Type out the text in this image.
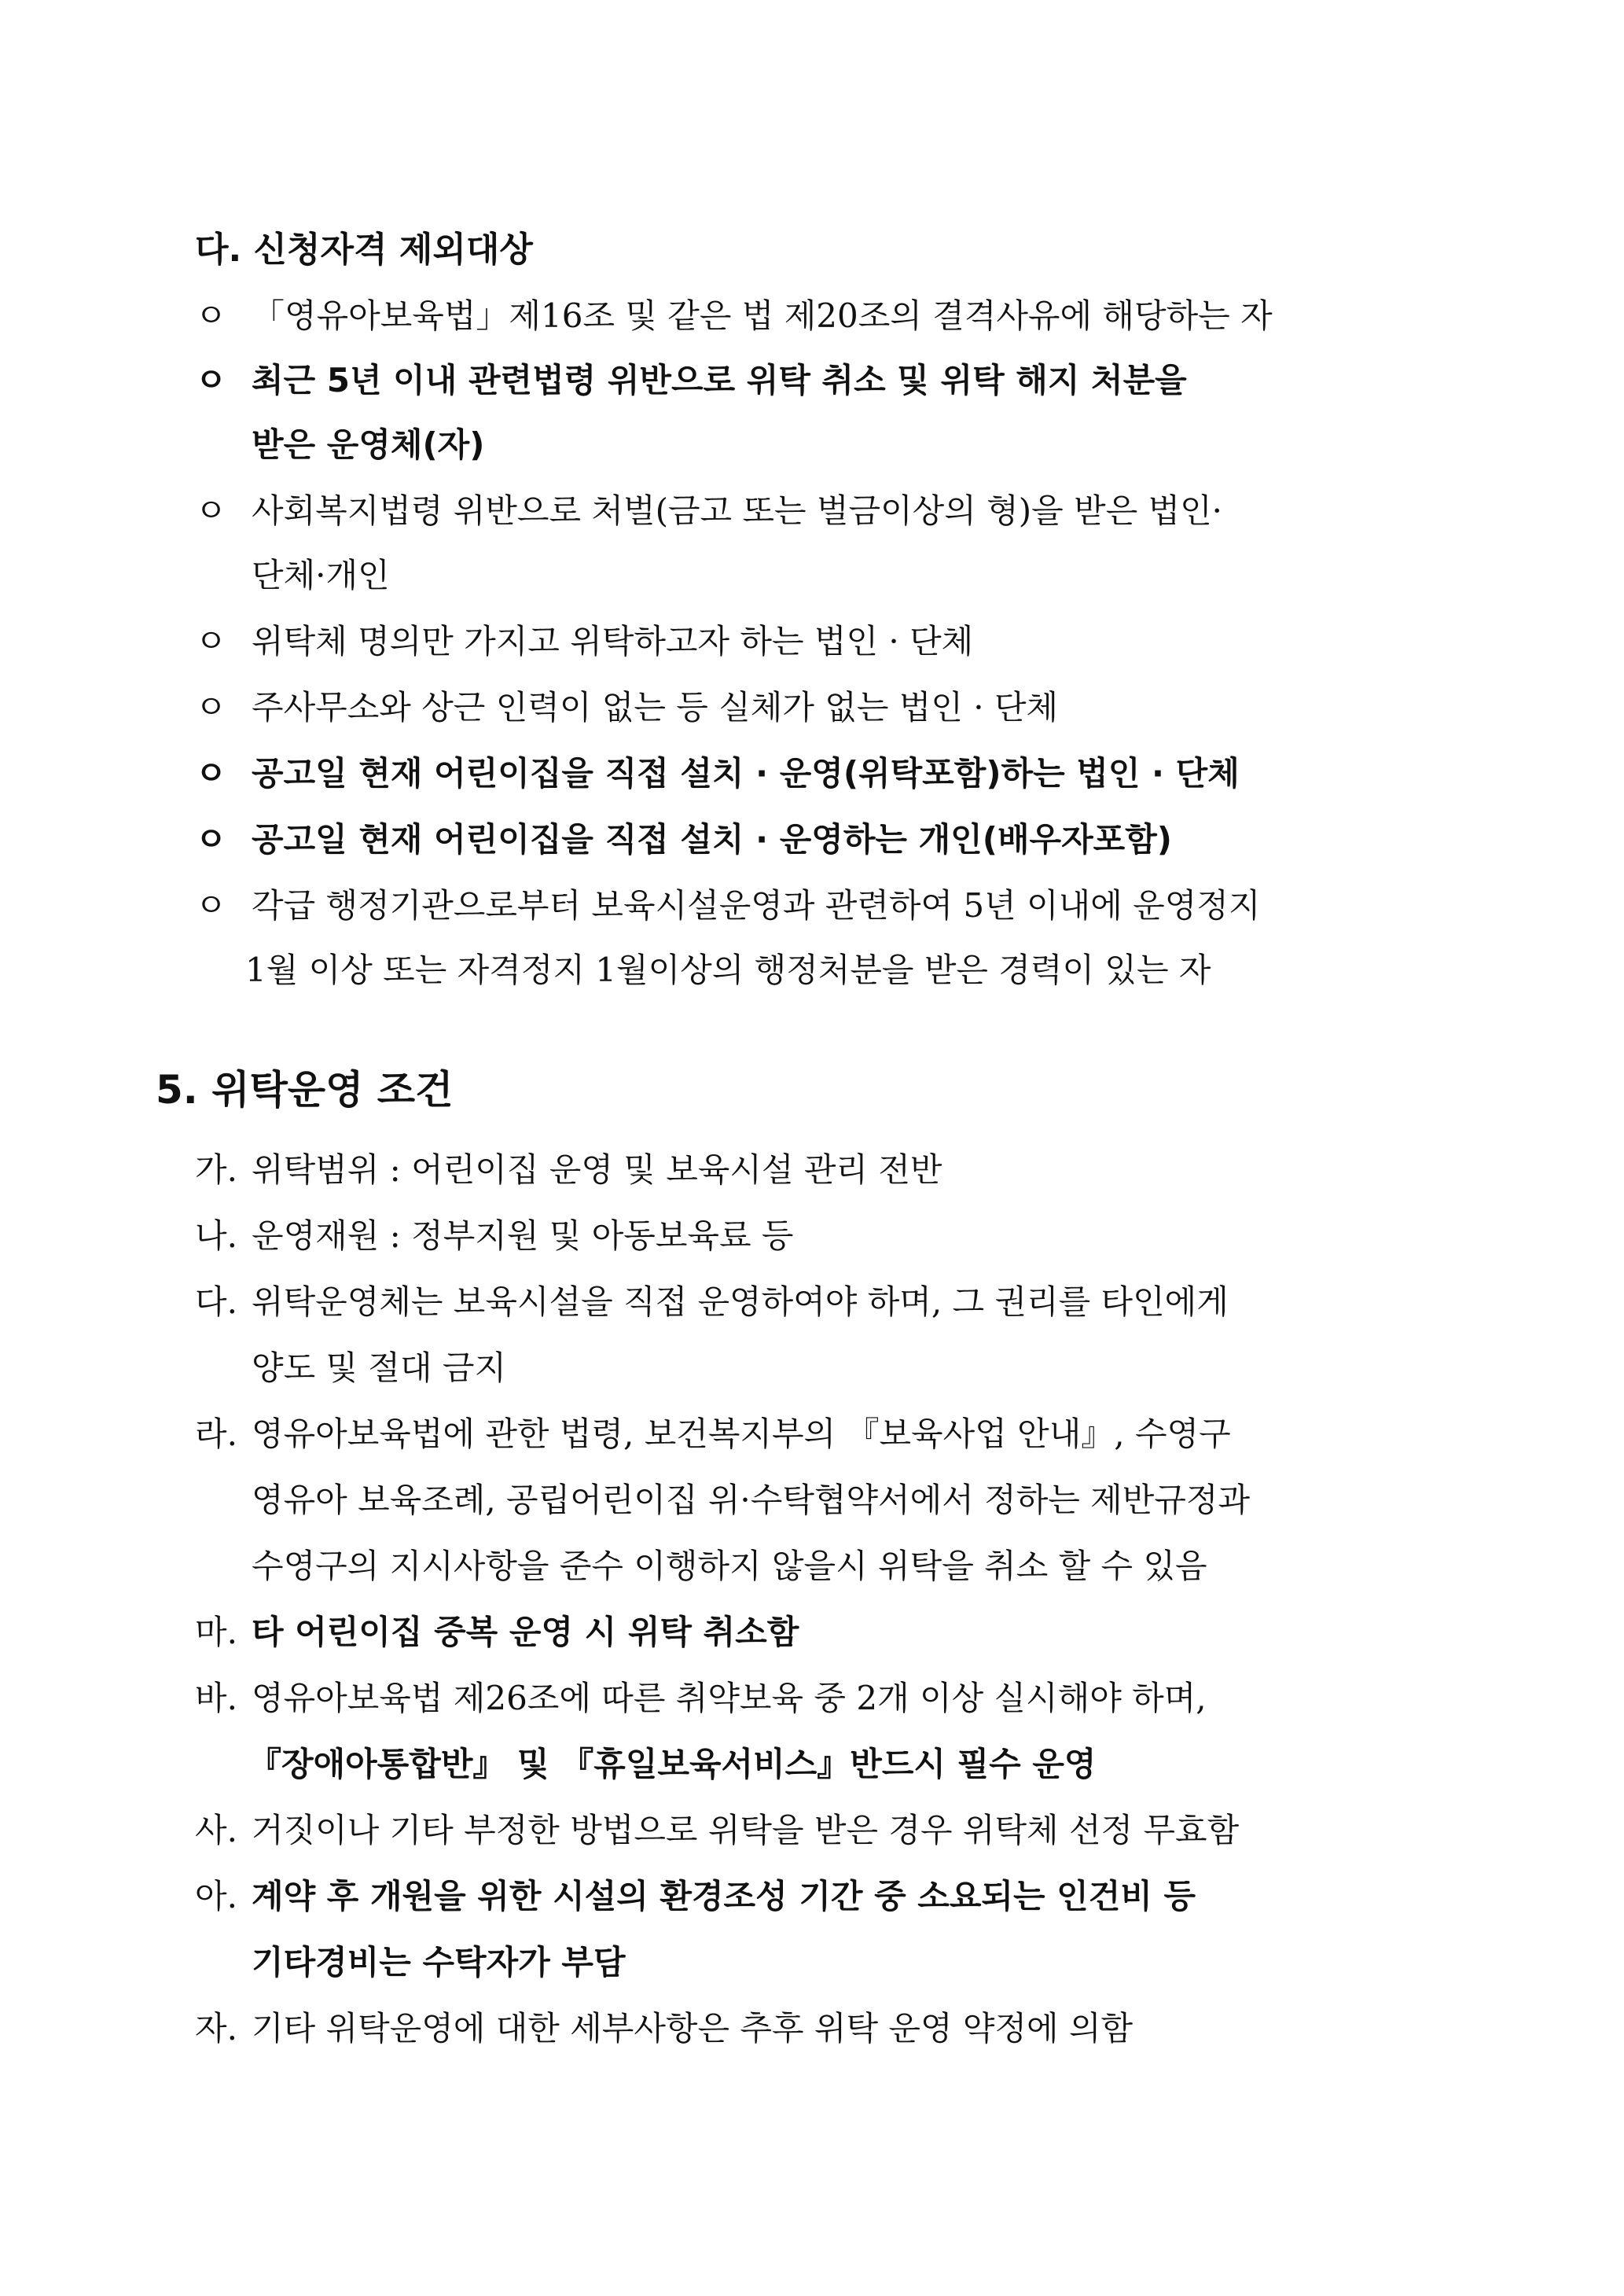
다. 신청자격 제외대상
ㅇ 「영유아보육법」제16조 및 같은 법 제20조의 결격사유에 해당하는 자
ㅇ 최근 5년 이내 관련법령 위반으로 위탁 취소 및 위탁 해지 처분을
받은 운영체(자)
ㅇ 사회복지법령 위반으로 처벌(금고 또는 벌금이상의 형)을 받은 법인·
단체·개인
ㅇ 위탁체 명의만 가지고 위탁하고자 하는 법인 · 단체
ㅇ 주사무소와 상근 인력이 없는 등 실체가 없는 법인 · 단체
ㅇ 공고일 현재 어린이집을 직접 설치 · 운영(위탁포함)하는 법인 · 단체
ㅇ 공고일 현재 어린이집을 직접 설치 · 운영하는 개인(배우자포함)
ㅇ 각급 행정기관으로부터 보육시설운영과 관련하여 5년 이내에 운영정지
1월 이상 또는 자격정지 1월이상의 행정처분을 받은 경력이 있는 자
5. 위탁운영 조건
가. 위탁범위 : 어린이집 운영 및 보육시설 관리 전반
나. 운영재원 : 정부지원 및 아동보육료 등
다. 위탁운영체는 보육시설을 직접 운영하여야 하며, 그 권리를 타인에게
양도 및 절대 금지
라. 영유아보육법에 관한 법령, 보건복지부의 『보육사업 안내』, 수영구
영유아 보육조례, 공립어린이집 위·수탁협약서에서 정하는 제반규정과
수영구의 지시사항을 준수 이행하지 않을시 위탁을 취소 할 수 있음
마. 타 어린이집 중복 운영 시 위탁 취소함
바. 영유아보육법 제26조에 따른 취약보육 중 2개 이상 실시해야 하며,
『장애아통합반』 및 『휴일보육서비스』반드시 필수 운영
사. 거짓이나 기타 부정한 방법으로 위탁을 받은 경우 위탁체 선정 무효함
아. 계약 후 개원을 위한 시설의 환경조성 기간 중 소요되는 인건비 등
기타경비는 수탁자가 부담
자. 기타 위탁운영에 대한 세부사항은 추후 위탁 운영 약정에 의함
